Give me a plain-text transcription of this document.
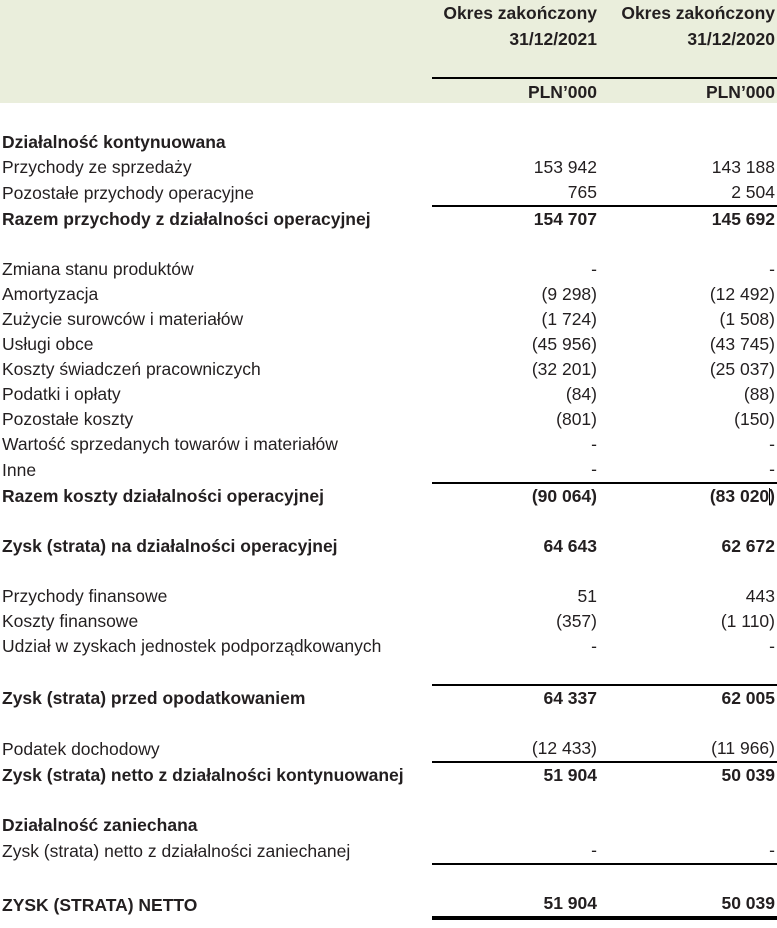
	Okres zakończony	Okres zakończony
	31/12/2021	31/12/2020

	PLN’000	PLN’000

Działalność kontynuowana		
Przychody ze sprzedaży	153 942	143 188
Pozostałe przychody operacyjne	765	2 504
Razem przychody z działalności operacyjnej	154 707	145 692

Zmiana stanu produktów	-	-
Amortyzacja	(9 298)	(12 492)
Zużycie surowców i materiałów	(1 724)	(1 508)
Usługi obce	(45 956)	(43 745)
Koszty świadczeń pracowniczych	(32 201)	(25 037)
Podatki i opłaty	(84)	(88)
Pozostałe koszty	(801)	(150)
Wartość sprzedanych towarów i materiałów	-	-
Inne	-	-
Razem koszty działalności operacyjnej	(90 064)	(83 020)

Zysk (strata) na działalności operacyjnej	64 643	62 672

Przychody finansowe	51	443
Koszty finansowe	(357)	(1 110)
Udział w zyskach jednostek podporządkowanych	-	-

Zysk (strata) przed opodatkowaniem	64 337	62 005

Podatek dochodowy	(12 433)	(11 966)
Zysk (strata) netto z działalności kontynuowanej	51 904	50 039

Działalność zaniechana		
Zysk (strata) netto z działalności zaniechanej	-	-

ZYSK (STRATA) NETTO	51 904	50 039
